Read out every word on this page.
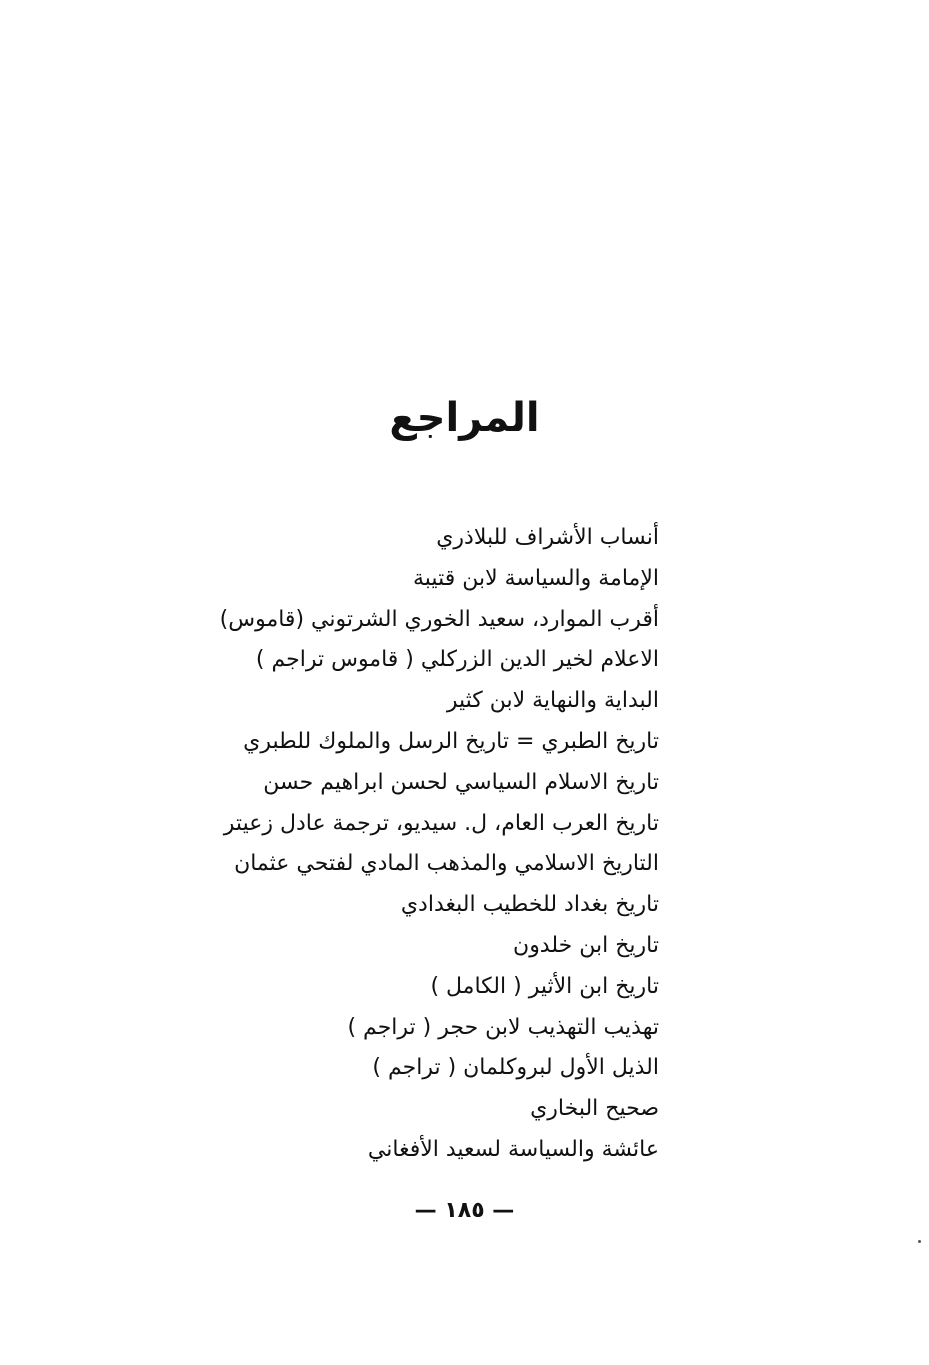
المراجع
أنساب الأشراف للبلاذري
الإمامة والسياسة لابن قتيبة
أقرب الموارد، سعيد الخوري الشرتوني (قاموس)
الاعلام لخير الدين الزركلي ( قاموس تراجم )
البداية والنهاية لابن كثير
تاريخ الطبري = تاريخ الرسل والملوك للطبري
تاريخ الاسلام السياسي لحسن ابراهيم حسن
تاريخ العرب العام، ل. سيديو، ترجمة عادل زعيتر
التاريخ الاسلامي والمذهب المادي لفتحي عثمان
تاريخ بغداد للخطيب البغدادي
تاريخ ابن خلدون
تاريخ ابن الأثير ( الكامل )
تهذيب التهذيب لابن حجر ( تراجم )
الذيل الأول لبروكلمان ( تراجم )
صحيح البخاري
عائشة والسياسة لسعيد الأفغاني
— ١٨٥ —
